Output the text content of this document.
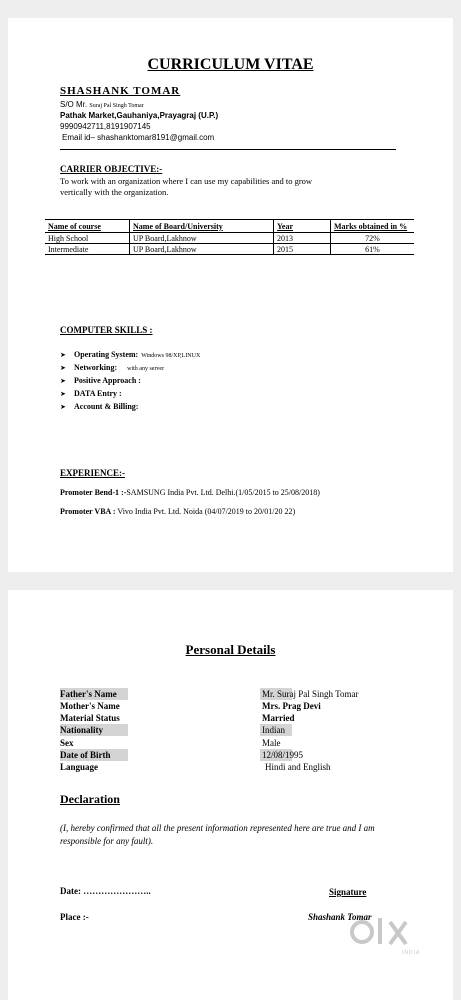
CURRICULUM VITAE
SHASHANK TOMAR
S/O Mr. Suraj Pal Singh Tomar
Pathak Market,Gauhaniya,Prayagraj (U.P.)
9990942711,8191907145
Email id– shashanktomar8191@gmail.com
CARRIER OBJECTIVE:-
To work with an organization where I can use my capabilities and to grow
vertically with the organization.
Name of course	Name of Board/University	Year	Marks obtained in %
High School	UP Board,Lakhnow	2013	72%
Intermediate	UP Board,Lakhnow	2015	61%
COMPUTER SKILLS :
➤ Operating System: Windows 98/XP,LINUX
➤ Networking: with any server
➤ Positive Approach :
➤ DATA Entry :
➤ Account & Billing:
EXPERIENCE:-
Promoter Bend-1 :-SAMSUNG India Pvt. Ltd. Delhi.(1/05/2015 to 25/08/2018)
Promoter VBA : Vivo India Pvt. Ltd. Noida (04/07/2019 to 20/01/20 22)
Personal Details
Father's Name	Mr. Suraj Pal Singh Tomar
Mother's Name	Mrs. Prag Devi
Material Status	Married
Nationality	Indian
Sex	Male
Date of Birth	12/08/1995
Language	Hindi and English
Declaration
(I, hereby confirmed that all the present information represented here are true and I am responsible for any fault).
Date: …………………..	Signature
Place :-	Shashank Tomar
INDIA
